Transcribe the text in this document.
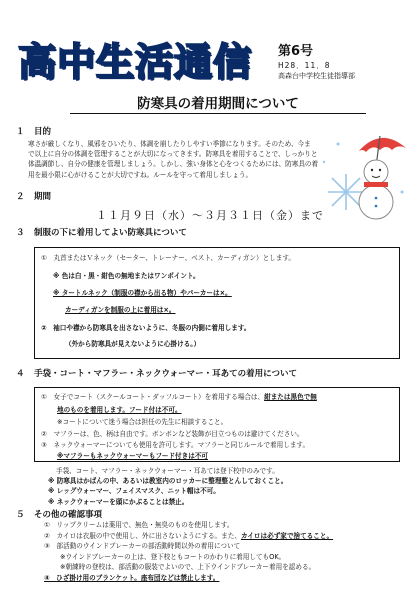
高中生活通信 第6号
H28．11．8
高森台中学校生徒指導部
防寒具の着用期間について
１ 目的
寒さが厳しくなり、風邪をひいたり、体調を崩したりしやすい季節になります。そのため、今ま
で以上に自分の体調を管理することが大切になってきます。防寒具を着用することで、しっかりと
体温調節し、自分の健康を管理しましょう。しかし、強い身体と心をつくるためには、防寒具の着
用を最小限に心がけることが大切ですね。ルールを守って着用しましょう。
２ 期間
１１月９日（水）～３月３１日（金）まで
３ 制服の下に着用してよい防寒具について
①　丸首またはＶネック（セーター、トレーナー、ベスト、カーディガン）とします。
※ 色は白・黒・紺色の無地またはワンポイント。
※ タートルネック（制服の襟から出る物）やパーカーは×。
カーディガンを制服の上に着用は×。
②　袖口や襟から防寒具を出さないように、冬服の内側に着用します。
（外から防寒具が見えないように心掛ける。）
４ 手袋・コート・マフラー・ネックウォーマー・耳あての着用について
①　女子でコート（スクールコート・ダッフルコート）を着用する場合は、紺または黒色で無
地のものを着用します。フード付は不可。
※コートについて迷う場合は担任の先生に相談すること。
②　マフラーは、色、柄は自由です。ボンボンなど装飾が目立つものは避けてください。
③　ネックウォーマーについても使用を許可します。マフラーと同じルールで着用します。
※マフラーもネックウォーマーもフード付きは不可
手袋、コート、マフラー・ネックウォーマー・耳あては登下校中のみです。
※ 防寒具はかばんの中、あるいは教室内のロッカーに整理整とんしておくこと。
※ レッグウォーマー、フェイスマスク、ニット帽は不可。
※ ネックウォーマーを頭にかぶることは禁止。
５ その他の確認事項
①　リップクリームは薬用で、無色・無臭のものを使用します。
②　カイロは衣服の中で使用し、外に出さないようにする。また、カイロは必ず家で捨てること。
③　部活動のウインドブレーカーの部活動時間以外の着用について
※ウインドブレーカーの上は、登下校ともコートのかわりに着用してもOK。
※朝練時の登校は、部活動の服装でよいので、上下ウインドブレーカー着用を認める。
④　ひざ掛け用のブランケット。座布団などは禁止します。
